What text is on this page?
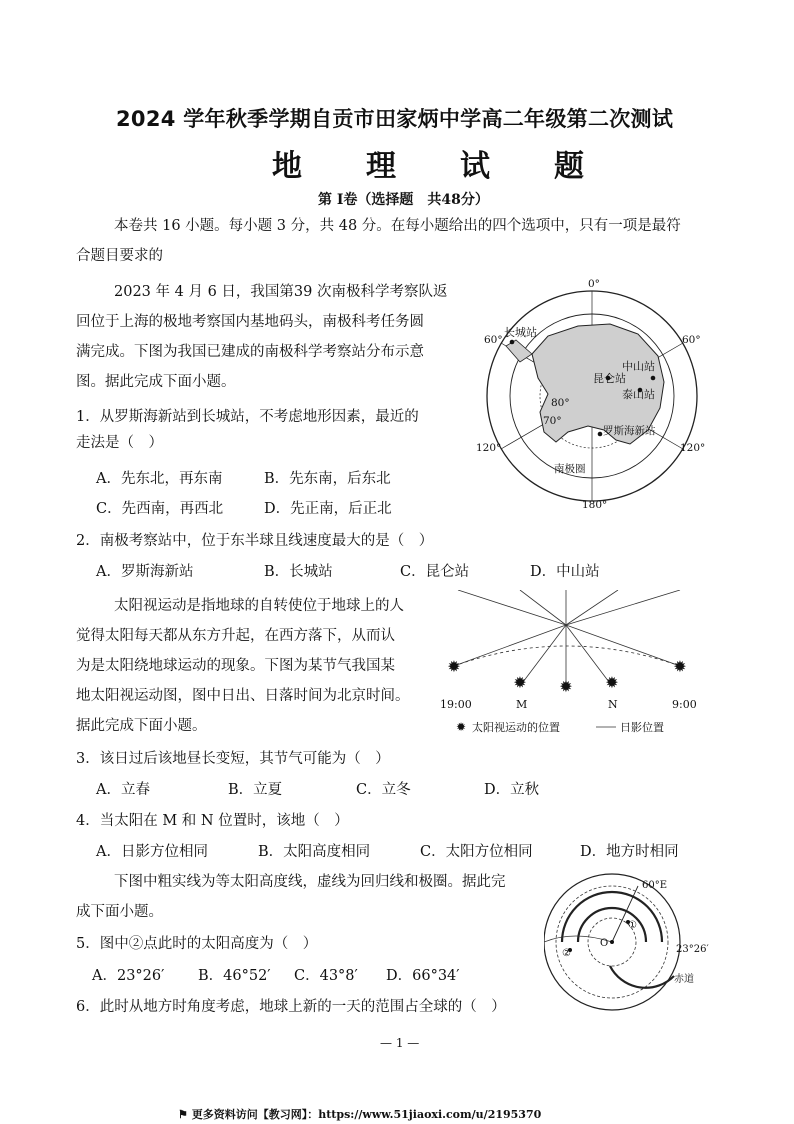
2024 学年秋季学期自贡市田家炳中学高二年级第二次测试
地理试题
第 Ⅰ卷（选择题　共48分）
本卷共 16 小题。每小题 3 分，共 48 分。在每小题给出的四个选项中，只有一项是最符
合题目要求的
2023 年 4 月 6 日，我国第39 次南极科学考察队返
回位于上海的极地考察国内基地码头，南极科考任务圆
满完成。下图为我国已建成的南极科学考察站分布示意
图。据此完成下面小题。
1．从罗斯海新站到长城站，不考虑地形因素，最近的
走法是（　）
A．先东北，再东南	B．先东南，后东北
C．先西南，再西北	D．先正南，后正北
2．南极考察站中，位于东半球且线速度最大的是（　）
A．罗斯海新站	B．长城站	C．昆仑站	D．中山站
太阳视运动是指地球的自转使位于地球上的人
觉得太阳每天都从东方升起，在西方落下，从而认
为是太阳绕地球运动的现象。下图为某节气我国某
地太阳视运动图，图中日出、日落时间为北京时间。
据此完成下面小题。
3．该日过后该地昼长变短，其节气可能为（　）
A．立春	B．立夏	C．立冬	D．立秋
4．当太阳在 M 和 N 位置时，该地（　）
A．日影方位相同	B．太阳高度相同	C．太阳方位相同	D．地方时相同
下图中粗实线为等太阳高度线，虚线为回归线和极圈。据此完
成下面小题。
5．图中②点此时的太阳高度为（　）
A．23°26′ B．46°52′ C．43°8′ D．66°34′
6．此时从地方时角度考虑，地球上新的一天的范围占全球的（　）
— 1 —
⚑ 更多资料访问【教习网】：https://www.51jiaoxi.com/u/2195370
0°
60°	60°
120°	120°
180°
80°
70°
长城站
中山站
昆仑站
泰山站
罗斯海新站
南极圈
✹
✹ ✹ ✹
✹
M	N
19:00	9:00
✹ 太阳视运动的位置	日影位置
60°E
23°26′
赤道
O
①
②
